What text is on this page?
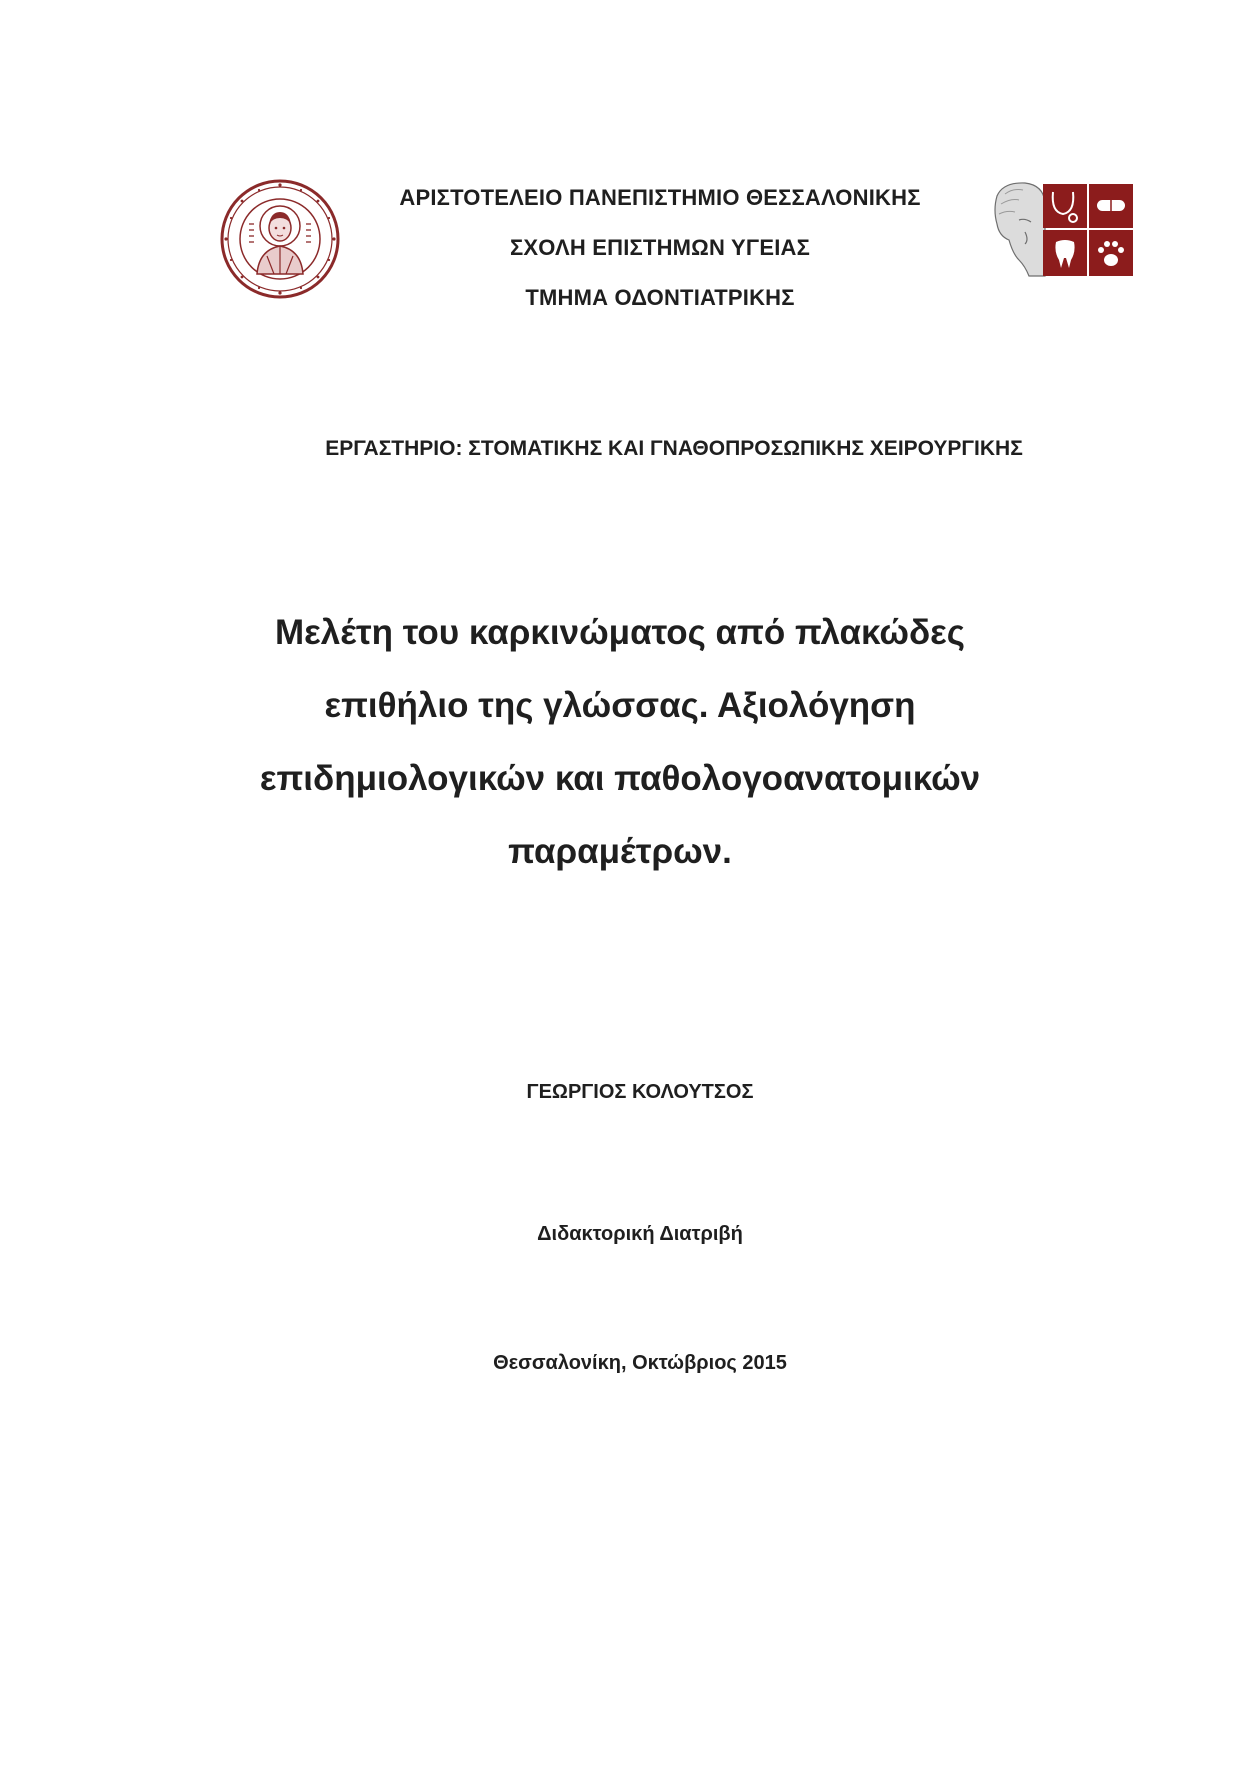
ΑΡΙΣΤΟΤΕΛΕΙΟ ΠΑΝΕΠΙΣΤΗΜΙΟ ΘΕΣΣΑΛΟΝΙΚΗΣ
ΣΧΟΛΗ ΕΠΙΣΤΗΜΩΝ ΥΓΕΙΑΣ
ΤΜΗΜΑ ΟΔΟΝΤΙΑΤΡΙΚΗΣ
ΕΡΓΑΣΤΗΡΙΟ: ΣΤΟΜΑΤΙΚΗΣ ΚΑΙ ΓΝΑΘΟΠΡΟΣΩΠΙΚΗΣ ΧΕΙΡΟΥΡΓΙΚΗΣ
Μελέτη του καρκινώματος από πλακώδες
επιθήλιο της γλώσσας. Αξιολόγηση
επιδημιολογικών και παθολογοανατομικών
παραμέτρων.
ΓΕΩΡΓΙΟΣ ΚΟΛΟΥΤΣΟΣ
Διδακτορική Διατριβή
Θεσσαλονίκη, Οκτώβριος 2015
